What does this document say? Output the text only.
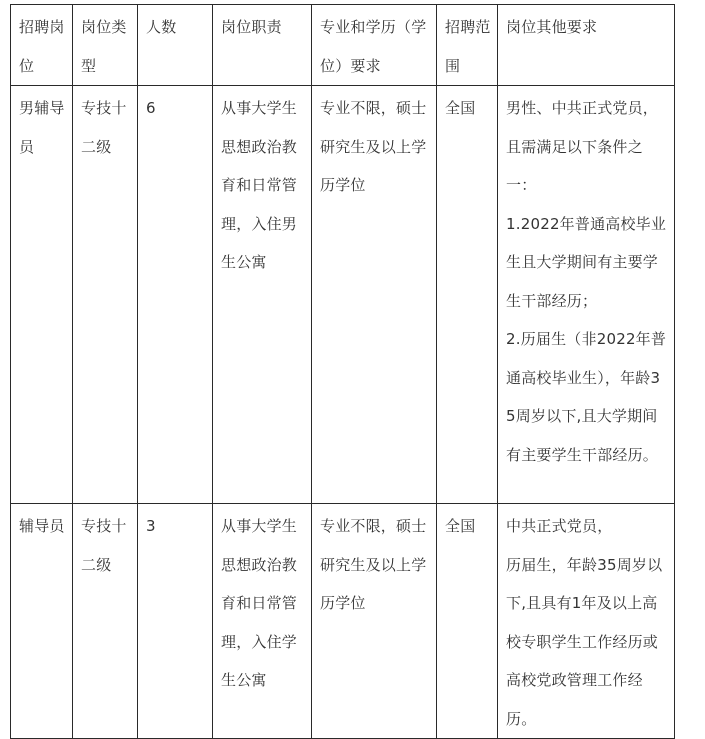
招聘岗位	岗位类型	人数	岗位职责	专业和学历（学位）要求	招聘范围	岗位其他要求

男辅导员	专技十二级	6	从事大学生思想政治教育和日常管理，入住男生公寓	专业不限，硕士研究生及以上学历学位	全国	男性、中共正式党员，且需满足以下条件之一：
1.2022年普通高校毕业生且大学期间有主要学生干部经历；
2.历届生（非2022年普通高校毕业生），年龄35周岁以下,且大学期间有主要学生干部经历。

辅导员	专技十二级	3	从事大学生思想政治教育和日常管理，入住学生公寓	专业不限，硕士研究生及以上学历学位	全国	中共正式党员，
历届生，年龄35周岁以下,且具有1年及以上高校专职学生工作经历或高校党政管理工作经历。
